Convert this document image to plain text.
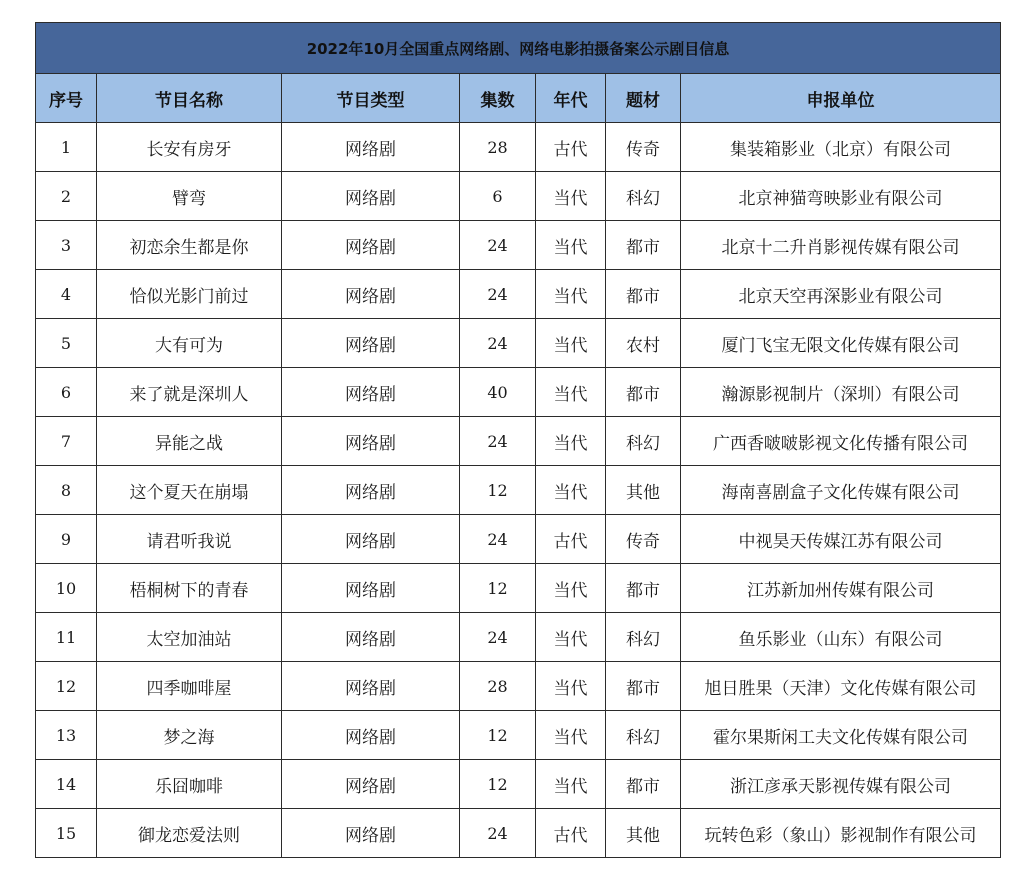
2022年10月全国重点网络剧、网络电影拍摄备案公示剧目信息						
序号	节目名称	节目类型	集数	年代	题材	申报单位
1	长安有房牙	网络剧	28	古代	传奇	集装箱影业（北京）有限公司
2	臂弯	网络剧	6	当代	科幻	北京神猫弯映影业有限公司
3	初恋余生都是你	网络剧	24	当代	都市	北京十二升肖影视传媒有限公司
4	恰似光影门前过	网络剧	24	当代	都市	北京天空再深影业有限公司
5	大有可为	网络剧	24	当代	农村	厦门飞宝无限文化传媒有限公司
6	来了就是深圳人	网络剧	40	当代	都市	瀚源影视制片（深圳）有限公司
7	异能之战	网络剧	24	当代	科幻	广西香啵啵影视文化传播有限公司
8	这个夏天在崩塌	网络剧	12	当代	其他	海南喜剧盒子文化传媒有限公司
9	请君听我说	网络剧	24	古代	传奇	中视昊天传媒江苏有限公司
10	梧桐树下的青春	网络剧	12	当代	都市	江苏新加州传媒有限公司
11	太空加油站	网络剧	24	当代	科幻	鱼乐影业（山东）有限公司
12	四季咖啡屋	网络剧	28	当代	都市	旭日胜果（天津）文化传媒有限公司
13	梦之海	网络剧	12	当代	科幻	霍尔果斯闲工夫文化传媒有限公司
14	乐囧咖啡	网络剧	12	当代	都市	浙江彦承天影视传媒有限公司
15	御龙恋爱法则	网络剧	24	古代	其他	玩转色彩（象山）影视制作有限公司
